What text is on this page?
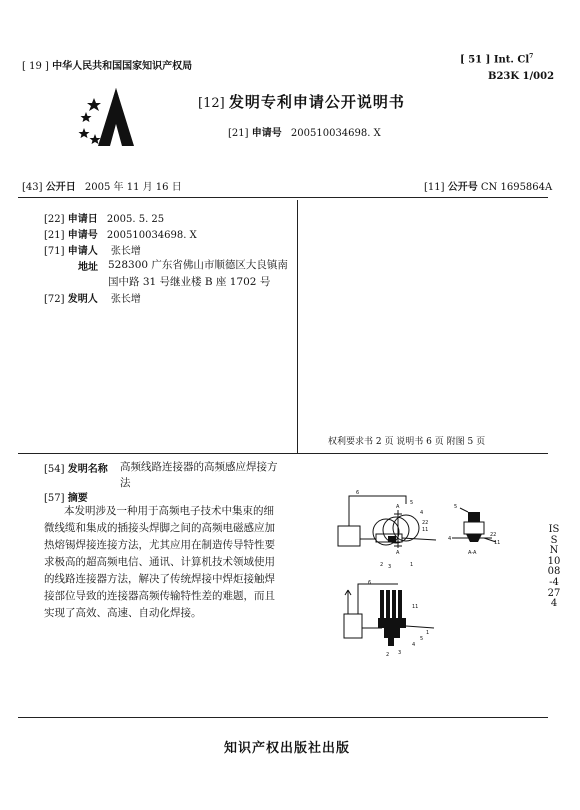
[ 19 ] 中华人民共和国国家知识产权局
[ 51 ] Int. Cl$^7$
B23K 1/002
[12] 发明专利申请公开说明书
[21] 申请号 200510034698. X
[43] 公开日 2005 年 11 月 16 日	[11] 公开号 CN 1695864A
[22] 申请日 2005. 5. 25
[21] 申请号 200510034698. X
[71] 申请人 张长增
地址 528300 广东省佛山市顺德区大良镇南
国中路 31 号继业楼 B 座 1702 号
[72] 发明人 张长增
权利要求书 2 页 说明书 6 页 附图 5 页
[54] 发明名称 高频线路连接器的高频感应焊接方
法
[57] 摘要
本发明涉及一种用于高频电子技术中集束的细
微线缆和集成的插接头焊脚之间的高频电磁感应加
热熔锡焊接连接方法，尤其应用在制造传导特性要
求极高的超高频电信、通讯、计算机技术领域使用
的线路连接器方法，解决了传统焊接中焊炬接触焊
接部位导致的连接器高频传输特性差的难题，而且
实现了高效、高速、自动化焊接。
6
5
4
22
11
A
A
2 3	1
5
4
22
11
A-A
6
11
1
5
4
3
2
ISSN1008-4274
知识产权出版社出版
